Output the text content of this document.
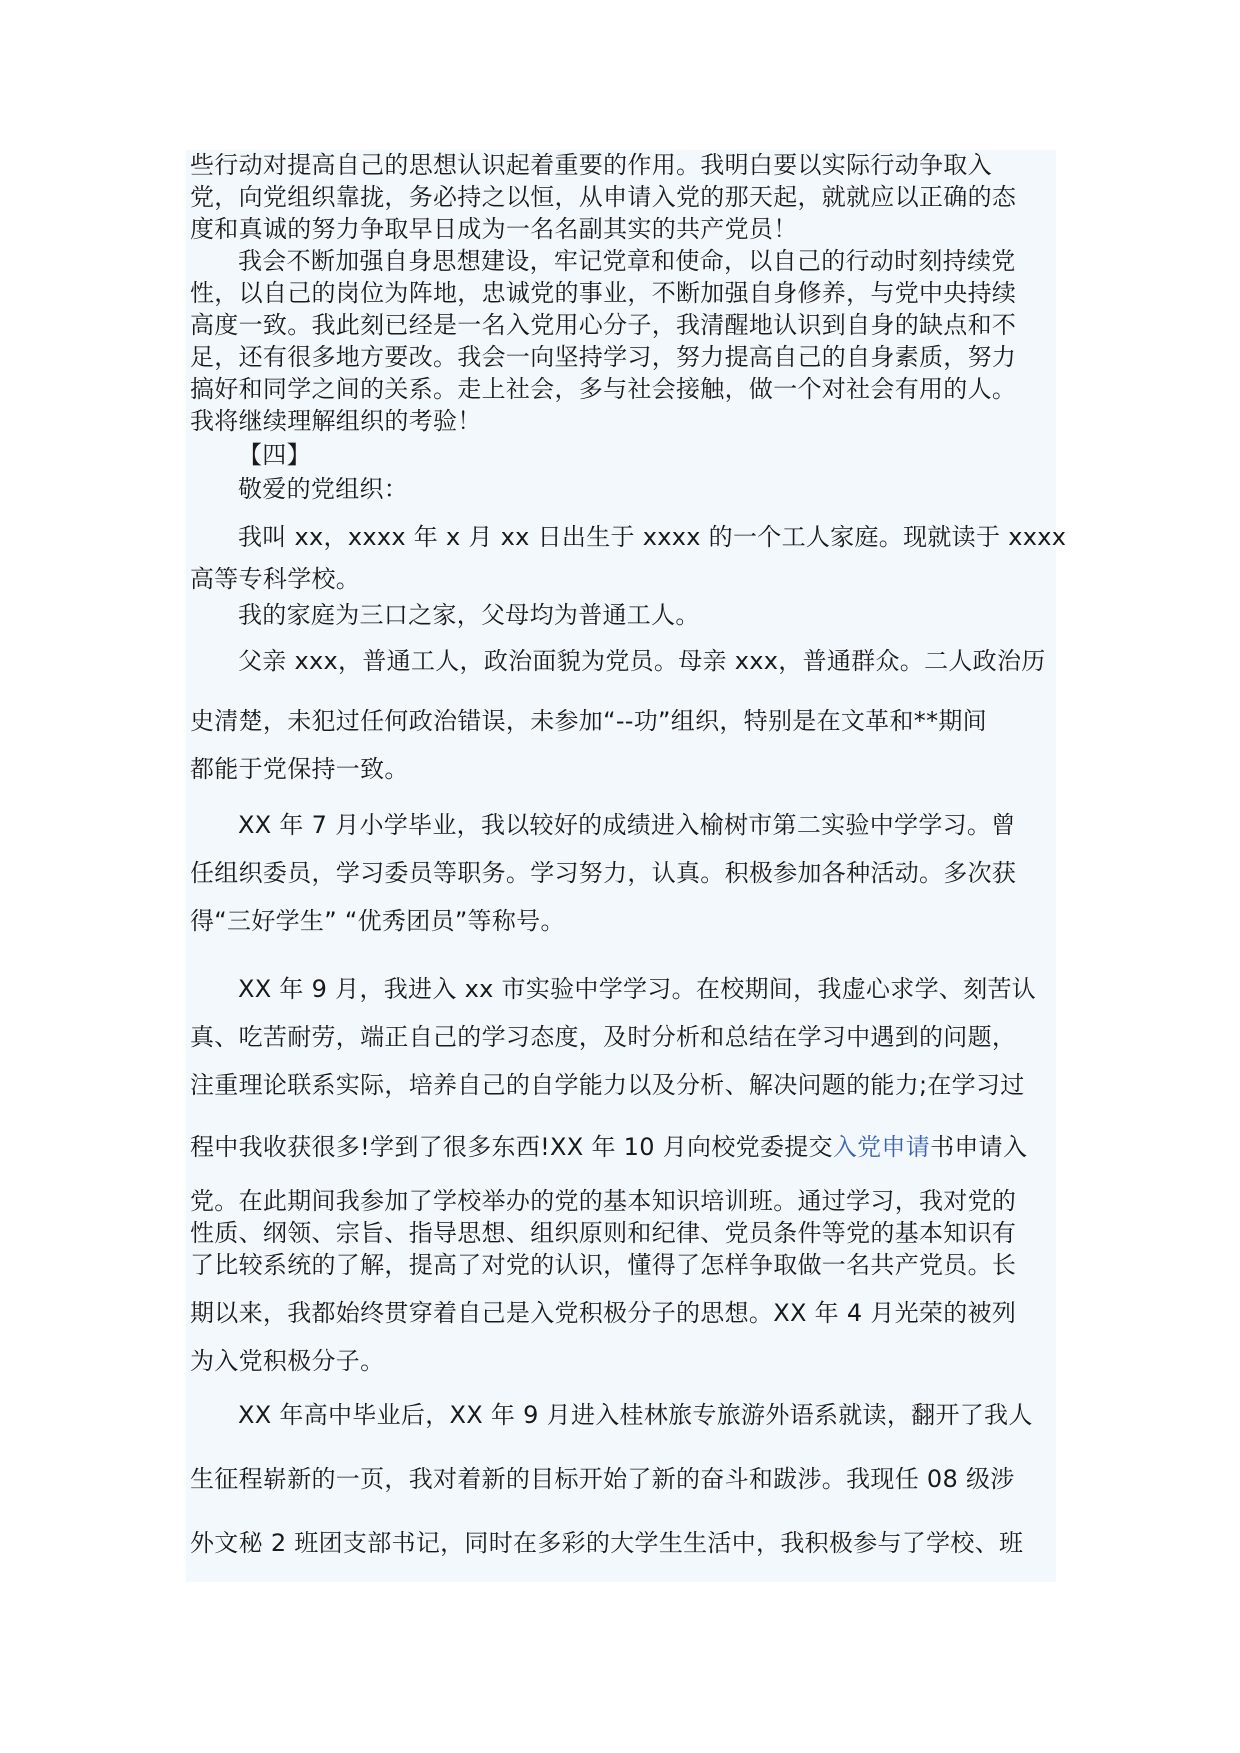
些行动对提高自己的思想认识起着重要的作用。我明白要以实际行动争取入
党，向党组织靠拢，务必持之以恒，从申请入党的那天起，就就应以正确的态
度和真诚的努力争取早日成为一名名副其实的共产党员！
我会不断加强自身思想建设，牢记党章和使命，以自己的行动时刻持续党
性，以自己的岗位为阵地，忠诚党的事业，不断加强自身修养，与党中央持续
高度一致。我此刻已经是一名入党用心分子，我清醒地认识到自身的缺点和不
足，还有很多地方要改。我会一向坚持学习，努力提高自己的自身素质，努力
搞好和同学之间的关系。走上社会，多与社会接触，做一个对社会有用的人。
我将继续理解组织的考验！
【四】
敬爱的党组织：
我叫 xx，xxxx 年 x 月 xx 日出生于 xxxx 的一个工人家庭。现就读于 xxxx
高等专科学校。
我的家庭为三口之家，父母均为普通工人。
父亲 xxx，普通工人，政治面貌为党员。母亲 xxx，普通群众。二人政治历
史清楚，未犯过任何政治错误，未参加“--功”组织，特别是在文革和**期间
都能于党保持一致。
XX 年 7 月小学毕业，我以较好的成绩进入榆树市第二实验中学学习。曾
任组织委员，学习委员等职务。学习努力，认真。积极参加各种活动。多次获
得“三好学生” “优秀团员”等称号。
XX 年 9 月，我进入 xx 市实验中学学习。在校期间，我虚心求学、刻苦认
真、吃苦耐劳，端正自己的学习态度，及时分析和总结在学习中遇到的问题，
注重理论联系实际，培养自己的自学能力以及分析、解决问题的能力;在学习过
程中我收获很多!学到了很多东西!XX 年 10 月向校党委提交入党申请书申请入
党。在此期间我参加了学校举办的党的基本知识培训班。通过学习，我对党的
性质、纲领、宗旨、指导思想、组织原则和纪律、党员条件等党的基本知识有
了比较系统的了解，提高了对党的认识，懂得了怎样争取做一名共产党员。长
期以来，我都始终贯穿着自己是入党积极分子的思想。XX 年 4 月光荣的被列
为入党积极分子。
XX 年高中毕业后，XX 年 9 月进入桂林旅专旅游外语系就读，翻开了我人
生征程崭新的一页，我对着新的目标开始了新的奋斗和跋涉。我现任 08 级涉
外文秘 2 班团支部书记，同时在多彩的大学生生活中，我积极参与了学校、班
